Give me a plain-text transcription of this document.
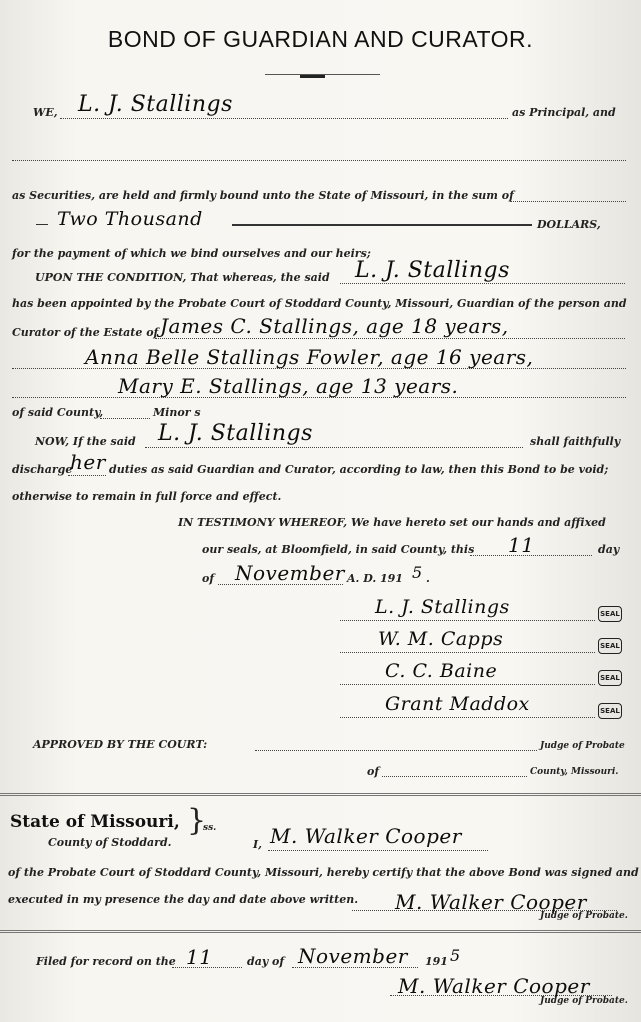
BOND OF GUARDIAN AND CURATOR.
WE, L. J. Stallings	as Principal, and
as Securities, are held and firmly bound unto the State of Missouri, in the sum of
Two Thousand	DOLLARS,
for the payment of which we bind ourselves and our heirs;
UPON THE CONDITION, That whereas, the said L. J. Stallings
has been appointed by the Probate Court of Stoddard County, Missouri, Guardian of the person and
Curator of the Estate of James C. Stallings, age 18 years,
Anna Belle Stallings Fowler, age 16 years,
Mary E. Stallings, age 13 years.
of said County,	Minor s
NOW, If the said L. J. Stallings	shall faithfully
discharge
her duties as said Guardian and Curator, according to law, then this Bond to be void;
otherwise to remain in full force and effect.
IN TESTIMONY WHEREOF, We have hereto set our hands and affixed
our seals, at Bloomfield, in said County, this 11	day
of November A. D. 191 5 .
L. J. Stallings	SEAL
W. M. Capps	SEAL
C. C. Baine	SEAL
Grant Maddox	SEAL
APPROVED BY THE COURT:	Judge of Probate
of	County, Missouri.
State of Missouri, }
ss.
County of Stoddard.	I, M. Walker Cooper
of the Probate Court of Stoddard County, Missouri, hereby certify that the above Bond was signed and
executed in my presence the day and date above written. M. Walker Cooper
Judge of Probate.
Filed for record on the 11	day of November 191 5
M. Walker Cooper
Judge of Probate.
